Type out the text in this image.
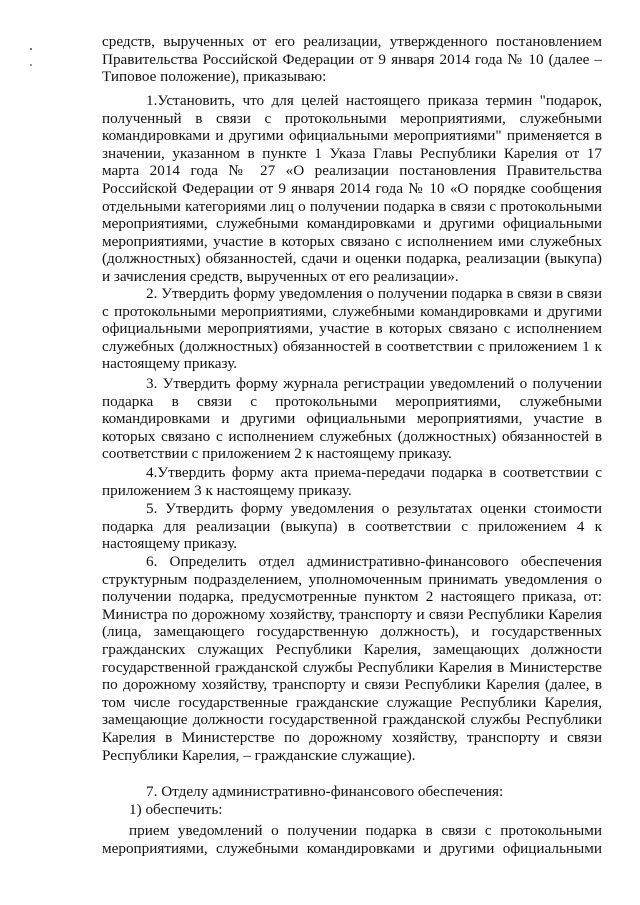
средств, вырученных от его реализации, утвержденного постановлением Правительства Российской Федерации от 9 января 2014 года № 10 (далее – Типовое положение), приказываю:

1.Установить, что для целей настоящего приказа термин "подарок, полученный в связи с протокольными мероприятиями, служебными командировками и другими официальными мероприятиями" применяется в значении, указанном в пункте 1 Указа Главы Республики Карелия от 17 марта 2014 года № 27 «О реализации постановления Правительства Российской Федерации от 9 января 2014 года № 10 «О порядке сообщения отдельными категориями лиц о получении подарка в связи с протокольными мероприятиями, служебными командировками и другими официальными мероприятиями, участие в которых связано с исполнением ими служебных (должностных) обязанностей, сдачи и оценки подарка, реализации (выкупа) и зачисления средств, вырученных от его реализации».

2. Утвердить форму уведомления о получении подарка в связи в связи с протокольными мероприятиями, служебными командировками и другими официальными мероприятиями, участие в которых связано с исполнением служебных (должностных) обязанностей в соответствии с приложением 1 к настоящему приказу.

3. Утвердить форму журнала регистрации уведомлений о получении подарка в связи с протокольными мероприятиями, служебными командировками и другими официальными мероприятиями, участие в которых связано с исполнением служебных (должностных) обязанностей в соответствии с приложением 2 к настоящему приказу.

4.Утвердить форму акта приема-передачи подарка в соответствии с приложением 3 к настоящему приказу.

5. Утвердить форму уведомления о результатах оценки стоимости подарка для реализации (выкупа) в соответствии с приложением 4 к настоящему приказу.

6. Определить отдел административно-финансового обеспечения структурным подразделением, уполномоченным принимать уведомления о получении подарка, предусмотренные пунктом 2 настоящего приказа, от: Министра по дорожному хозяйству, транспорту и связи Республики Карелия (лица, замещающего государственную должность), и государственных гражданских служащих Республики Карелия, замещающих должности государственной гражданской службы Республики Карелия в Министерстве по дорожному хозяйству, транспорту и связи Республики Карелия (далее, в том числе государственные гражданские служащие Республики Карелия, замещающие должности государственной гражданской службы Республики Карелия в Министерстве по дорожному хозяйству, транспорту и связи Республики Карелия, – гражданские служащие).

7. Отделу административно-финансового обеспечения:

1) обеспечить:

прием уведомлений о получении подарка в связи с протокольными мероприятиями, служебными командировками и другими официальными
